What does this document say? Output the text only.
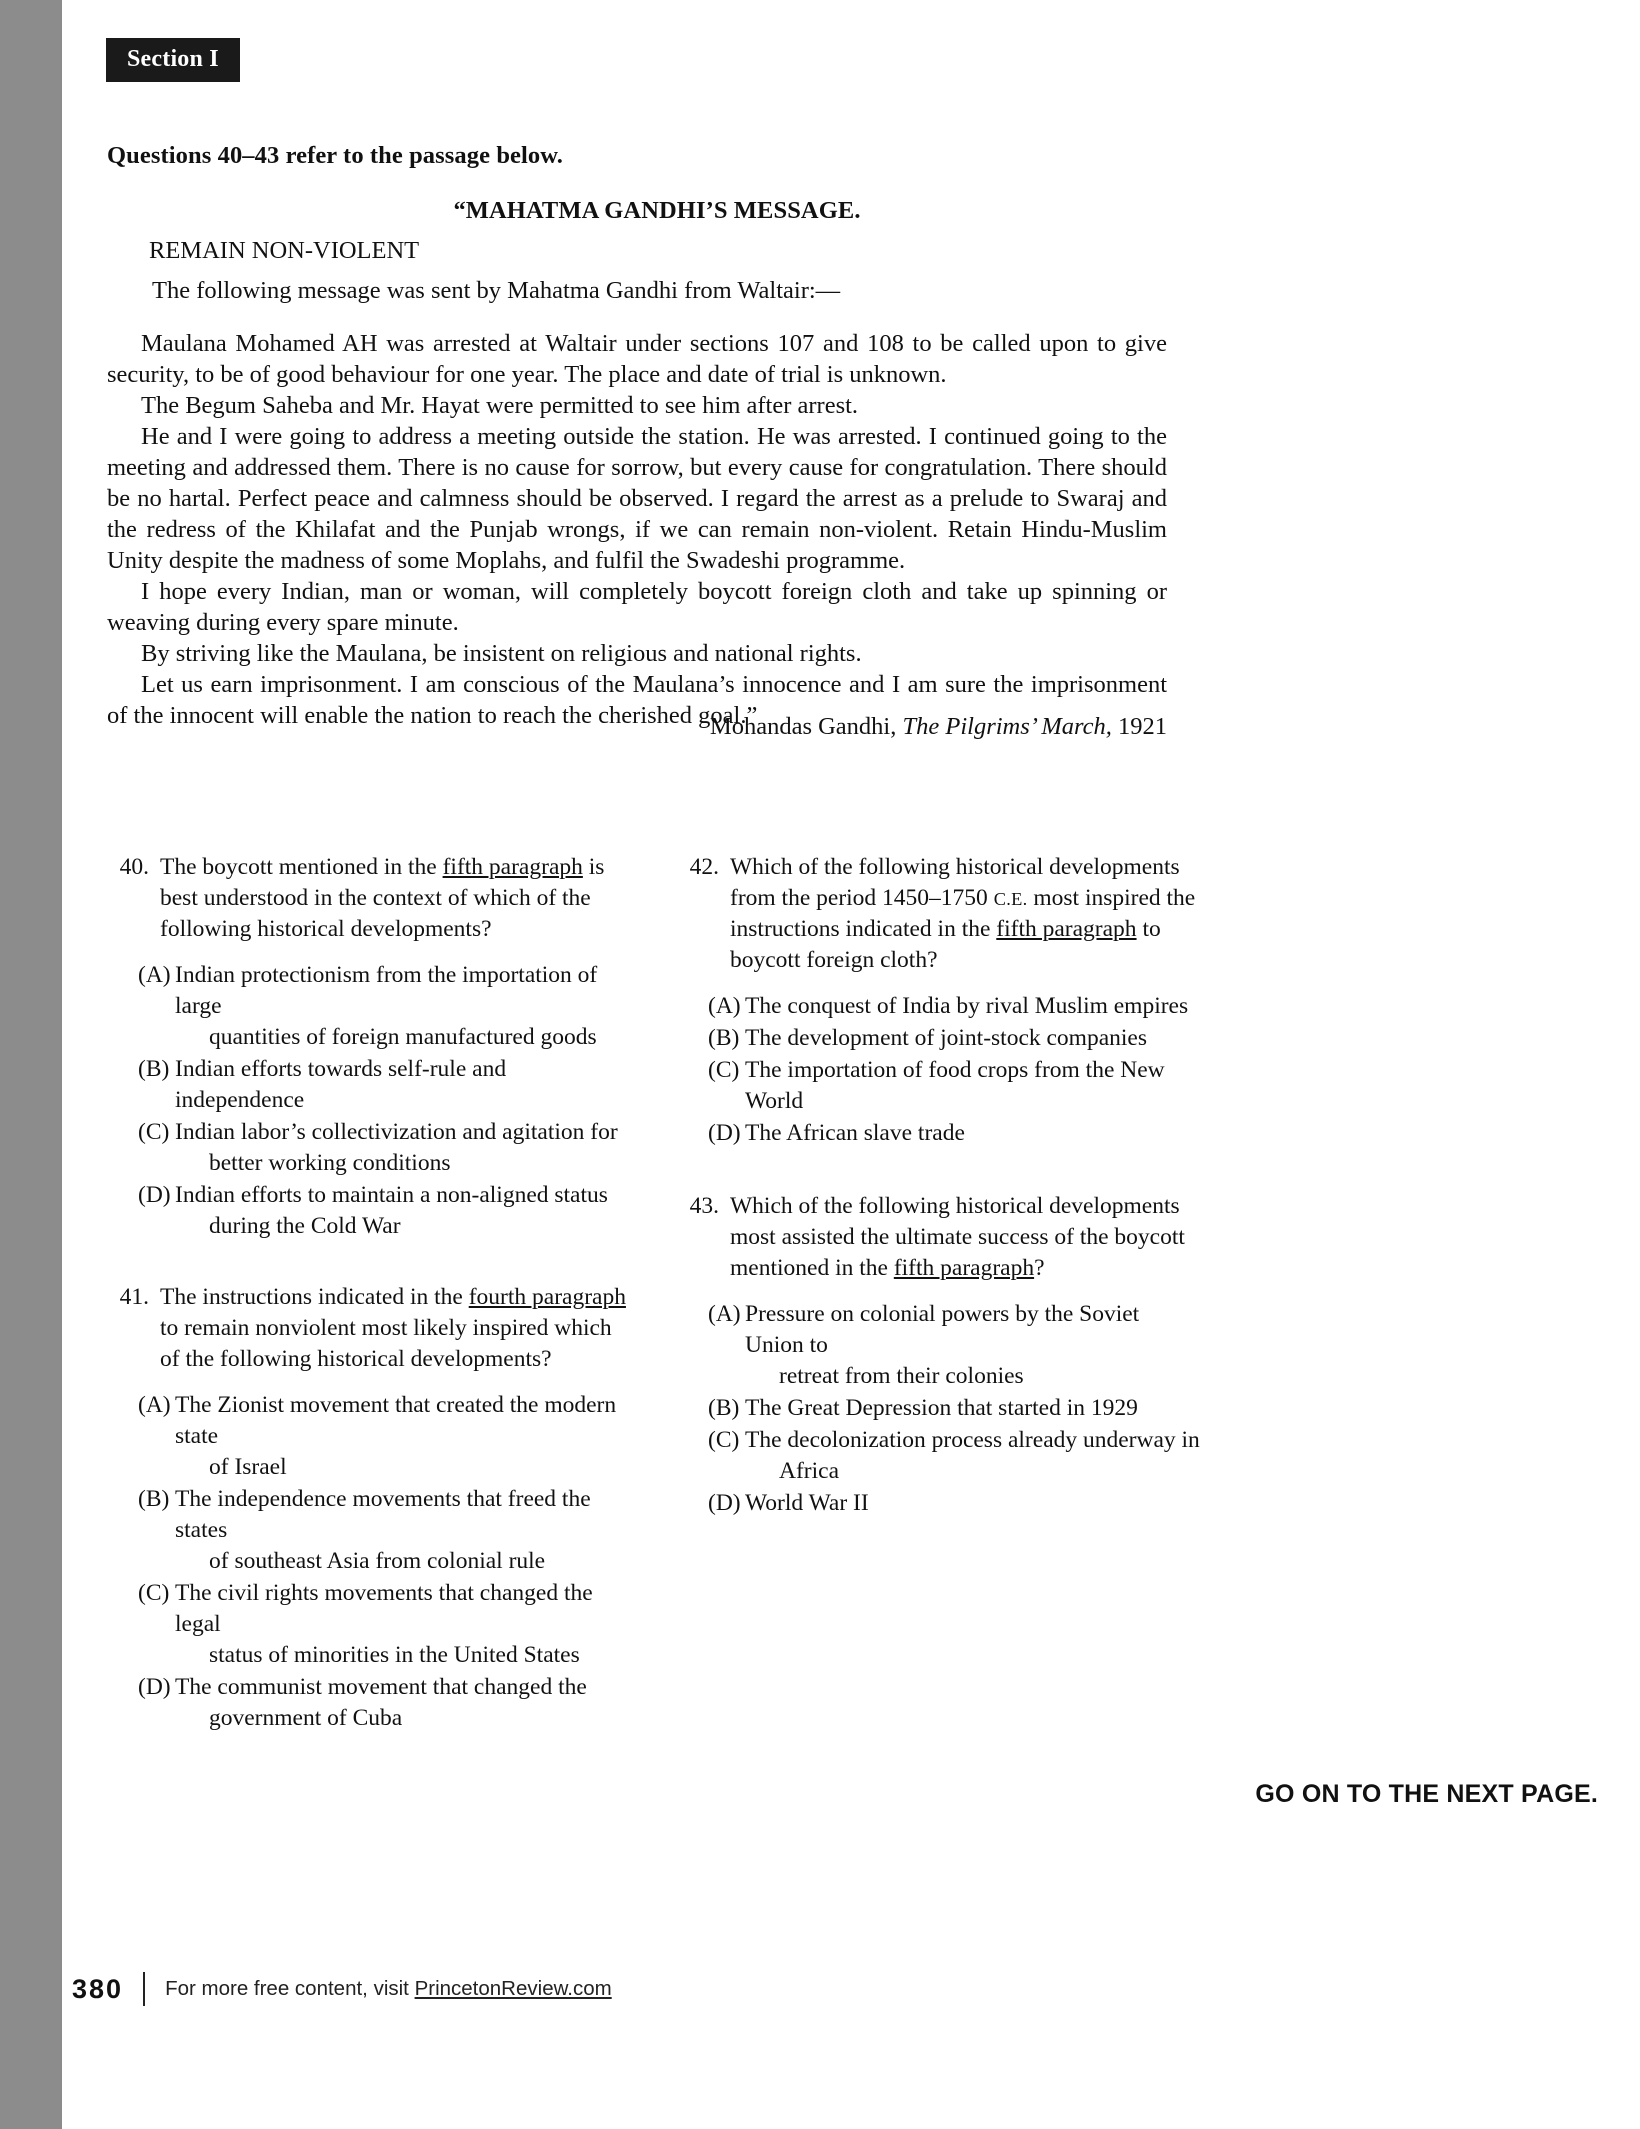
Section I
Questions 40–43 refer to the passage below.
“MAHATMA GANDHI’S MESSAGE.
REMAIN NON-VIOLENT
The following message was sent by Mahatma Gandhi from Waltair:—

Maulana Mohamed AH was arrested at Waltair under sections 107 and 108 to be called upon to give security, to be of good behaviour for one year. The place and date of trial is unknown.

The Begum Saheba and Mr. Hayat were permitted to see him after arrest.

He and I were going to address a meeting outside the station. He was arrested. I continued going to the meeting and addressed them. There is no cause for sorrow, but every cause for congratulation. There should be no hartal. Perfect peace and calmness should be observed. I regard the arrest as a prelude to Swaraj and the redress of the Khilafat and the Punjab wrongs, if we can remain non-violent. Retain Hindu-Muslim Unity despite the madness of some Moplahs, and fulfil the Swadeshi programme.

I hope every Indian, man or woman, will completely boycott foreign cloth and take up spinning or weaving during every spare minute.

By striving like the Maulana, be insistent on religious and national rights.

Let us earn imprisonment. I am conscious of the Maulana’s innocence and I am sure the imprisonment of the innocent will enable the nation to reach the cherished goal.”

Mohandas Gandhi, The Pilgrims’ March, 1921
40. The boycott mentioned in the fifth paragraph is best understood in the context of which of the following historical developments?
(A) Indian protectionism from the importation of large
quantities of foreign manufactured goods
(B) Indian efforts towards self-rule and independence
(C) Indian labor’s collectivization and agitation for
better working conditions
(D) Indian efforts to maintain a non-aligned status
during the Cold War
41. The instructions indicated in the fourth paragraph to remain nonviolent most likely inspired which of the following historical developments?
(A) The Zionist movement that created the modern state
of Israel
(B) The independence movements that freed the states
of southeast Asia from colonial rule
(C) The civil rights movements that changed the legal
status of minorities in the United States
(D) The communist movement that changed the
government of Cuba
42. Which of the following historical developments from the period 1450–1750 C.E. most inspired the instructions indicated in the fifth paragraph to boycott foreign cloth?
(A) The conquest of India by rival Muslim empires
(B) The development of joint-stock companies
(C) The importation of food crops from the New World
(D) The African slave trade
43. Which of the following historical developments most assisted the ultimate success of the boycott mentioned in the fifth paragraph?
(A) Pressure on colonial powers by the Soviet Union to
retreat from their colonies
(B) The Great Depression that started in 1929
(C) The decolonization process already underway in
Africa
(D) World War II
GO ON TO THE NEXT PAGE.
380 For more free content, visit PrincetonReview.com
